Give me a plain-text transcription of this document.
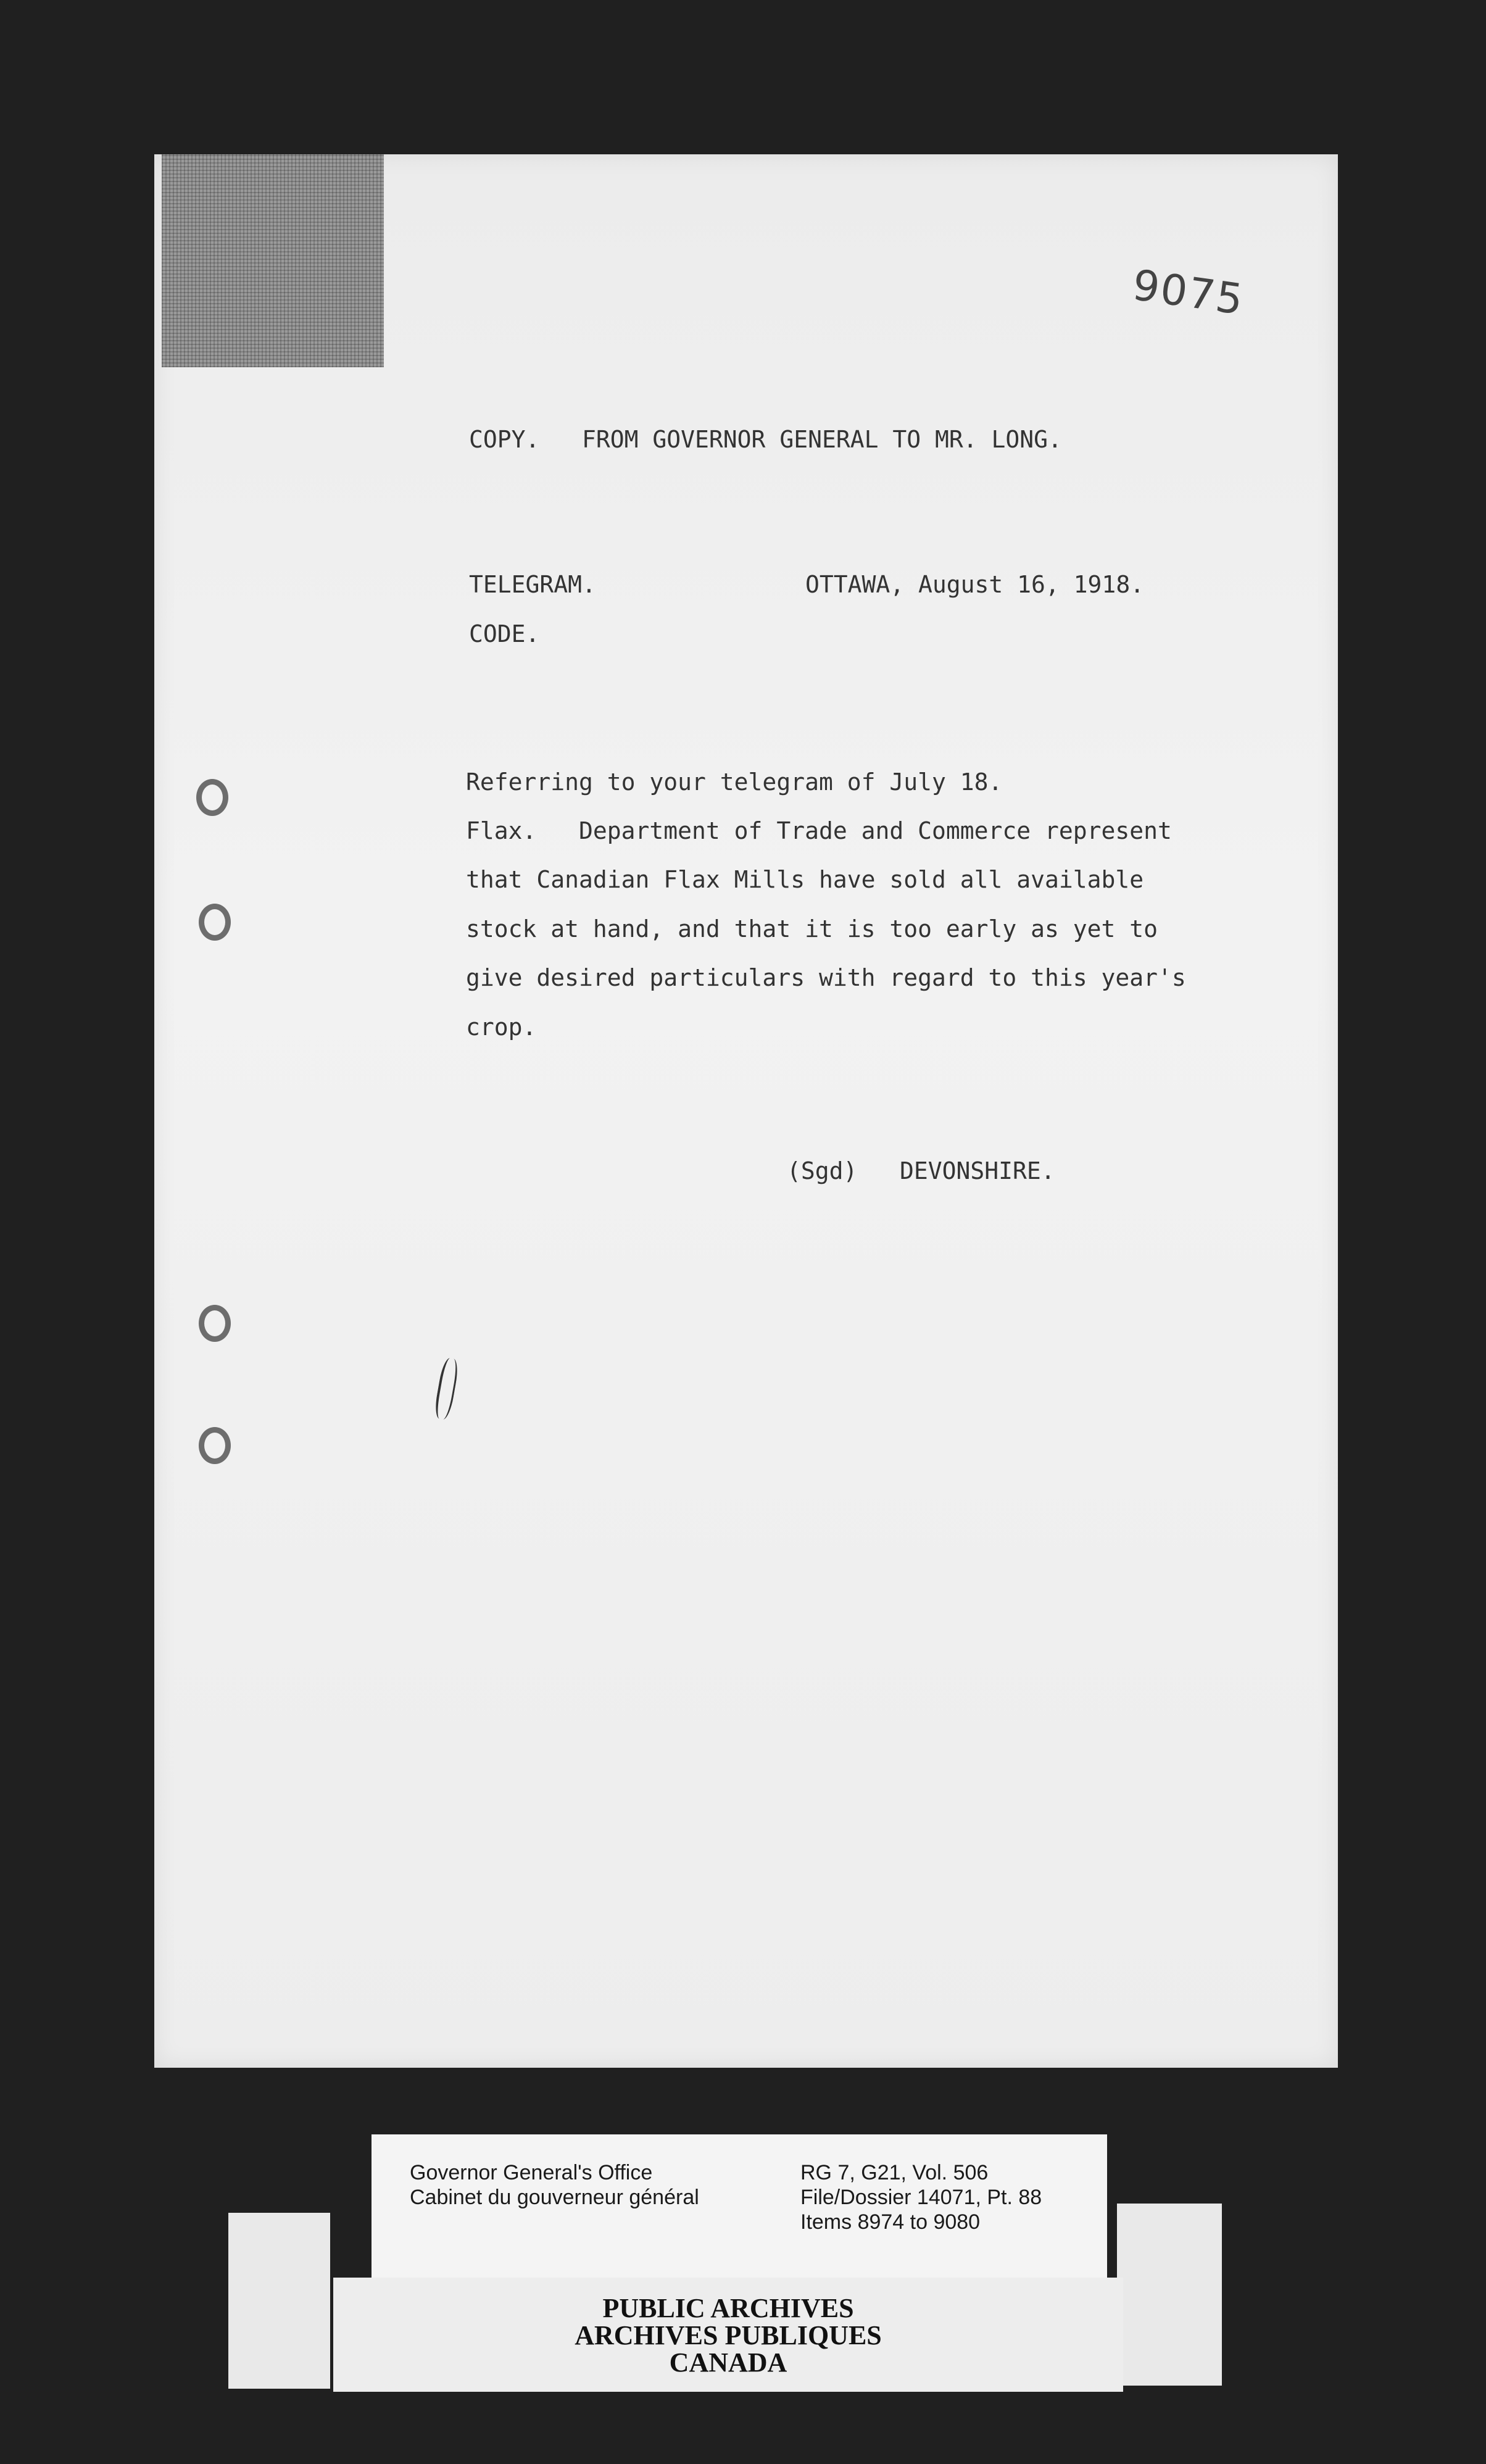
9075
COPY.   FROM GOVERNOR GENERAL TO MR. LONG.
TELEGRAM.	OTTAWA, August 16, 1918.
CODE.
Referring to your telegram of July 18.
Flax.   Department of Trade and Commerce represent
that Canadian Flax Mills have sold all available
stock at hand, and that it is too early as yet to
give desired particulars with regard to this year's
crop.
(Sgd)   DEVONSHIRE.
Governor General's Office
Cabinet du gouverneur général
RG 7, G21, Vol. 506
File/Dossier 14071, Pt. 88
Items 8974 to 9080
PUBLIC ARCHIVES
ARCHIVES PUBLIQUES
CANADA
